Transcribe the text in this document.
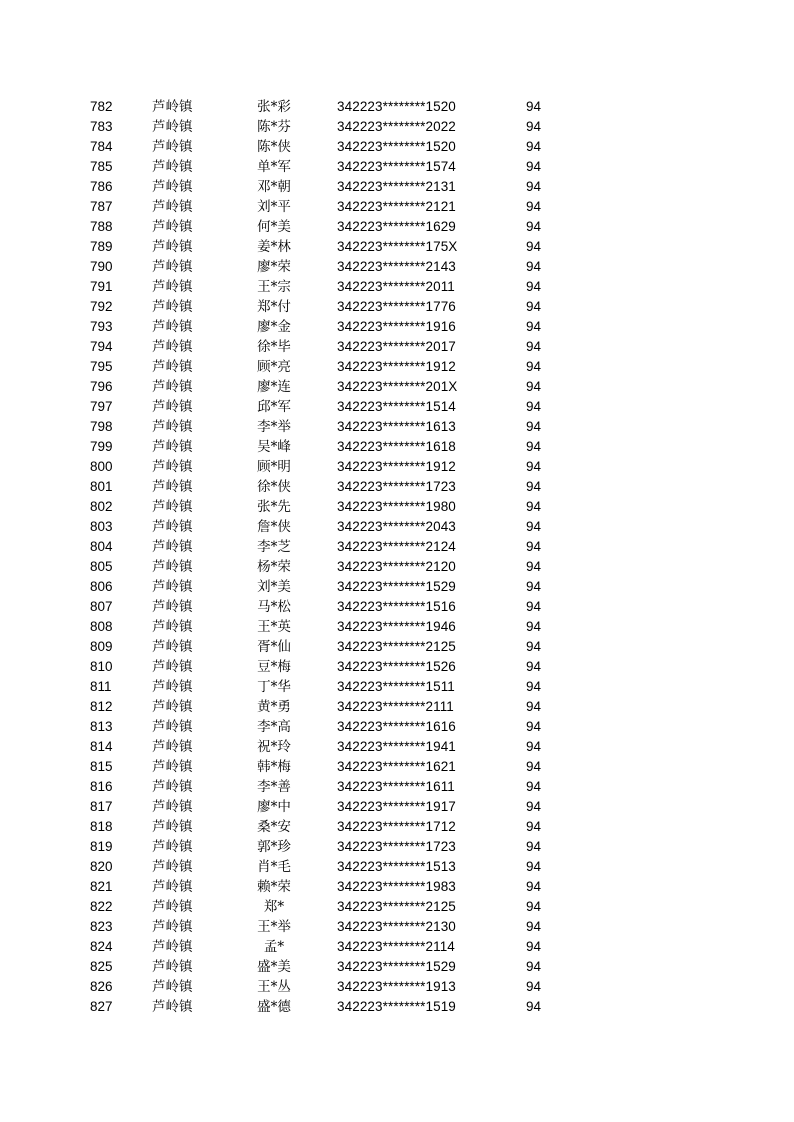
782	芦岭镇	张*彩	342223********1520	94
783	芦岭镇	陈*芬	342223********2022	94
784	芦岭镇	陈*侠	342223********1520	94
785	芦岭镇	单*军	342223********1574	94
786	芦岭镇	邓*朝	342223********2131	94
787	芦岭镇	刘*平	342223********2121	94
788	芦岭镇	何*美	342223********1629	94
789	芦岭镇	姜*林	342223********175X	94
790	芦岭镇	廖*荣	342223********2143	94
791	芦岭镇	王*宗	342223********2011	94
792	芦岭镇	郑*付	342223********1776	94
793	芦岭镇	廖*金	342223********1916	94
794	芦岭镇	徐*毕	342223********2017	94
795	芦岭镇	顾*亮	342223********1912	94
796	芦岭镇	廖*连	342223********201X	94
797	芦岭镇	邱*军	342223********1514	94
798	芦岭镇	李*举	342223********1613	94
799	芦岭镇	吴*峰	342223********1618	94
800	芦岭镇	顾*明	342223********1912	94
801	芦岭镇	徐*侠	342223********1723	94
802	芦岭镇	张*先	342223********1980	94
803	芦岭镇	詹*侠	342223********2043	94
804	芦岭镇	李*芝	342223********2124	94
805	芦岭镇	杨*荣	342223********2120	94
806	芦岭镇	刘*美	342223********1529	94
807	芦岭镇	马*松	342223********1516	94
808	芦岭镇	王*英	342223********1946	94
809	芦岭镇	胥*仙	342223********2125	94
810	芦岭镇	豆*梅	342223********1526	94
811	芦岭镇	丁*华	342223********1511	94
812	芦岭镇	黄*勇	342223********2111	94
813	芦岭镇	李*高	342223********1616	94
814	芦岭镇	祝*玲	342223********1941	94
815	芦岭镇	韩*梅	342223********1621	94
816	芦岭镇	李*善	342223********1611	94
817	芦岭镇	廖*中	342223********1917	94
818	芦岭镇	桑*安	342223********1712	94
819	芦岭镇	郭*珍	342223********1723	94
820	芦岭镇	肖*毛	342223********1513	94
821	芦岭镇	赖*荣	342223********1983	94
822	芦岭镇	郑*	342223********2125	94
823	芦岭镇	王*举	342223********2130	94
824	芦岭镇	孟*	342223********2114	94
825	芦岭镇	盛*美	342223********1529	94
826	芦岭镇	王*丛	342223********1913	94
827	芦岭镇	盛*德	342223********1519	94
